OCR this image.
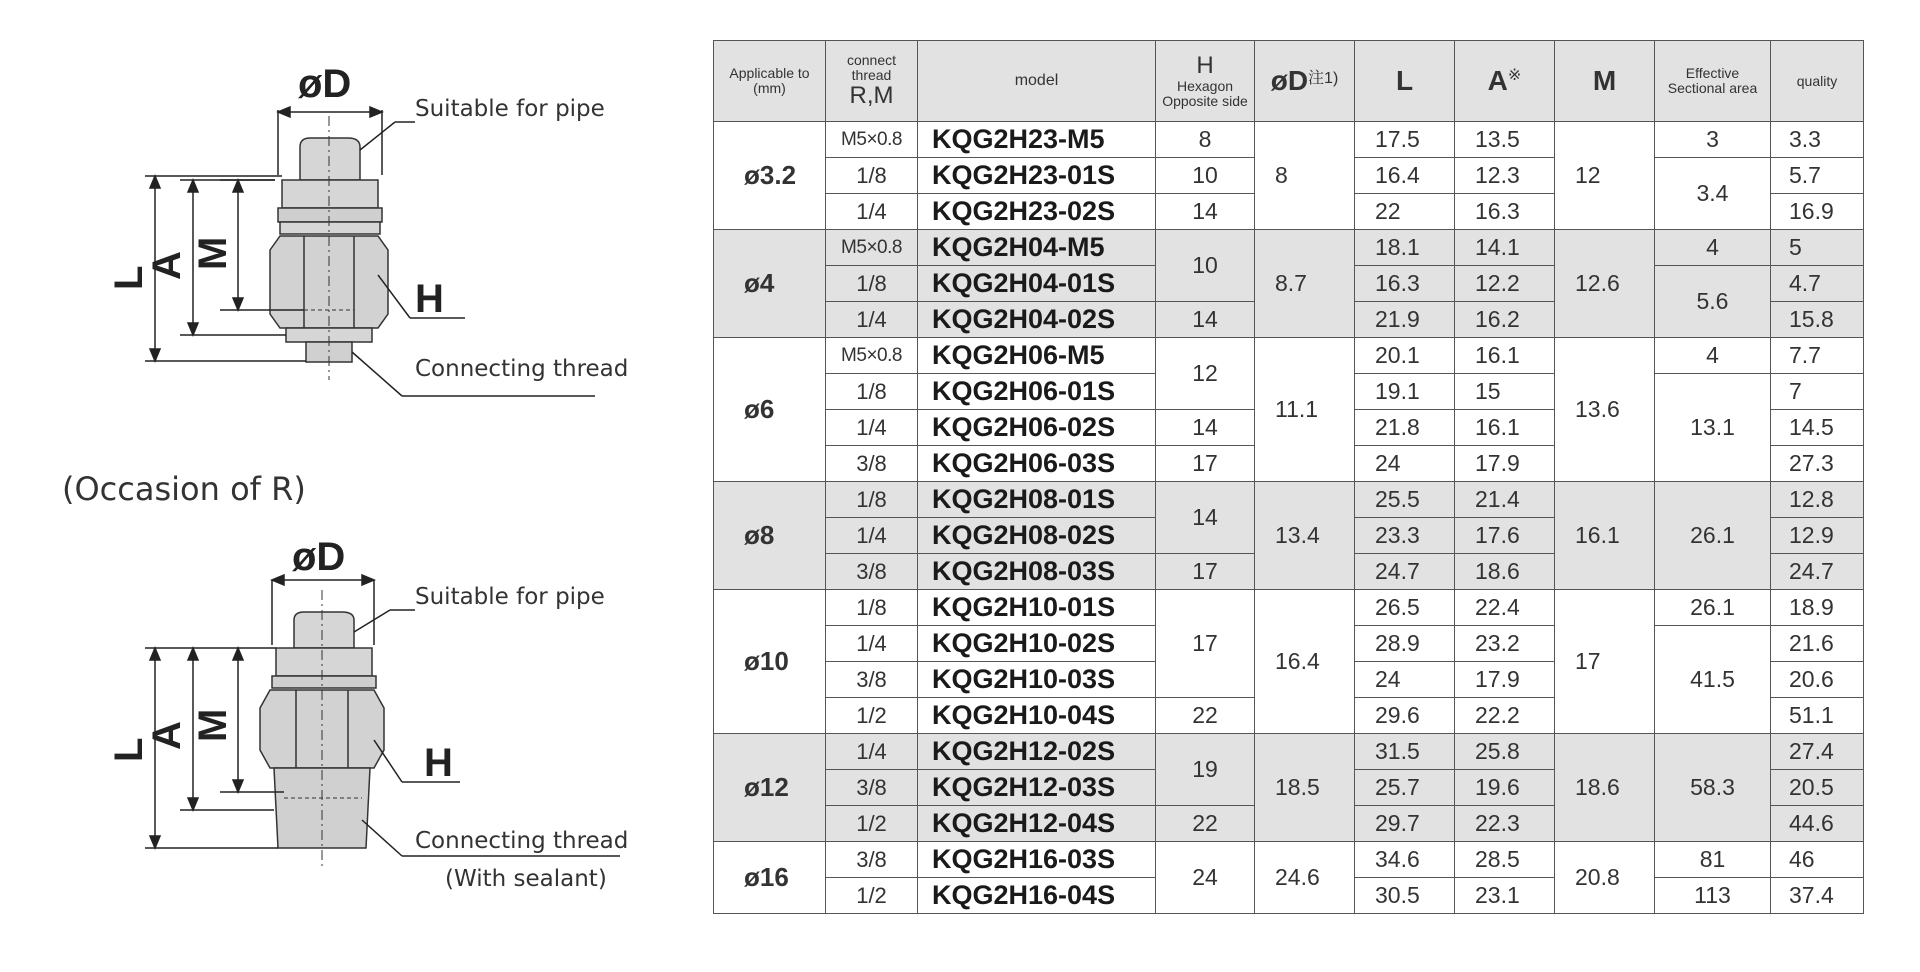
øD
Suitable for pipe
H
Connecting thread
L
A M
(Occasion of R)
øD
Suitable for pipe
H
Connecting thread
(With sealant)
L
A M
Applicable to
(mm)	connect
thread
R,M	model	H
Hexagon
Opposite side	$øD^{注1)}$	L	A※	M	Effective
Sectional area	quality
ø3.2	M5×0.8	KQG2H23-M5	8	8	17.5	13.5	12	3	3.3
	1/8	KQG2H23-01S	10		16.4	12.3		3.4	5.7
	1/4	KQG2H23-02S	14		22	16.3			16.9
ø4	M5×0.8	KQG2H04-M5	10	8.7	18.1	14.1	12.6	4	5
	1/8	KQG2H04-01S			16.3	12.2		5.6	4.7
	1/4	KQG2H04-02S	14		21.9	16.2			15.8
ø6	M5×0.8	KQG2H06-M5	12	11.1	20.1	16.1	13.6	4	7.7
	1/8	KQG2H06-01S			19.1	15		13.1	7
	1/4	KQG2H06-02S	14		21.8	16.1			14.5
	3/8	KQG2H06-03S	17		24	17.9			27.3
ø8	1/8	KQG2H08-01S	14	13.4	25.5	21.4	16.1	26.1	12.8
	1/4	KQG2H08-02S			23.3	17.6			12.9
	3/8	KQG2H08-03S	17		24.7	18.6			24.7
ø10	1/8	KQG2H10-01S	17	16.4	26.5	22.4	17	26.1	18.9
	1/4	KQG2H10-02S			28.9	23.2		41.5	21.6
	3/8	KQG2H10-03S			24	17.9			20.6
	1/2	KQG2H10-04S	22		29.6	22.2			51.1
ø12	1/4	KQG2H12-02S	19	18.5	31.5	25.8	18.6	58.3	27.4
	3/8	KQG2H12-03S			25.7	19.6			20.5
	1/2	KQG2H12-04S	22		29.7	22.3			44.6
ø16	3/8	KQG2H16-03S	24	24.6	34.6	28.5	20.8	81	46
	1/2	KQG2H16-04S			30.5	23.1		113	37.4
